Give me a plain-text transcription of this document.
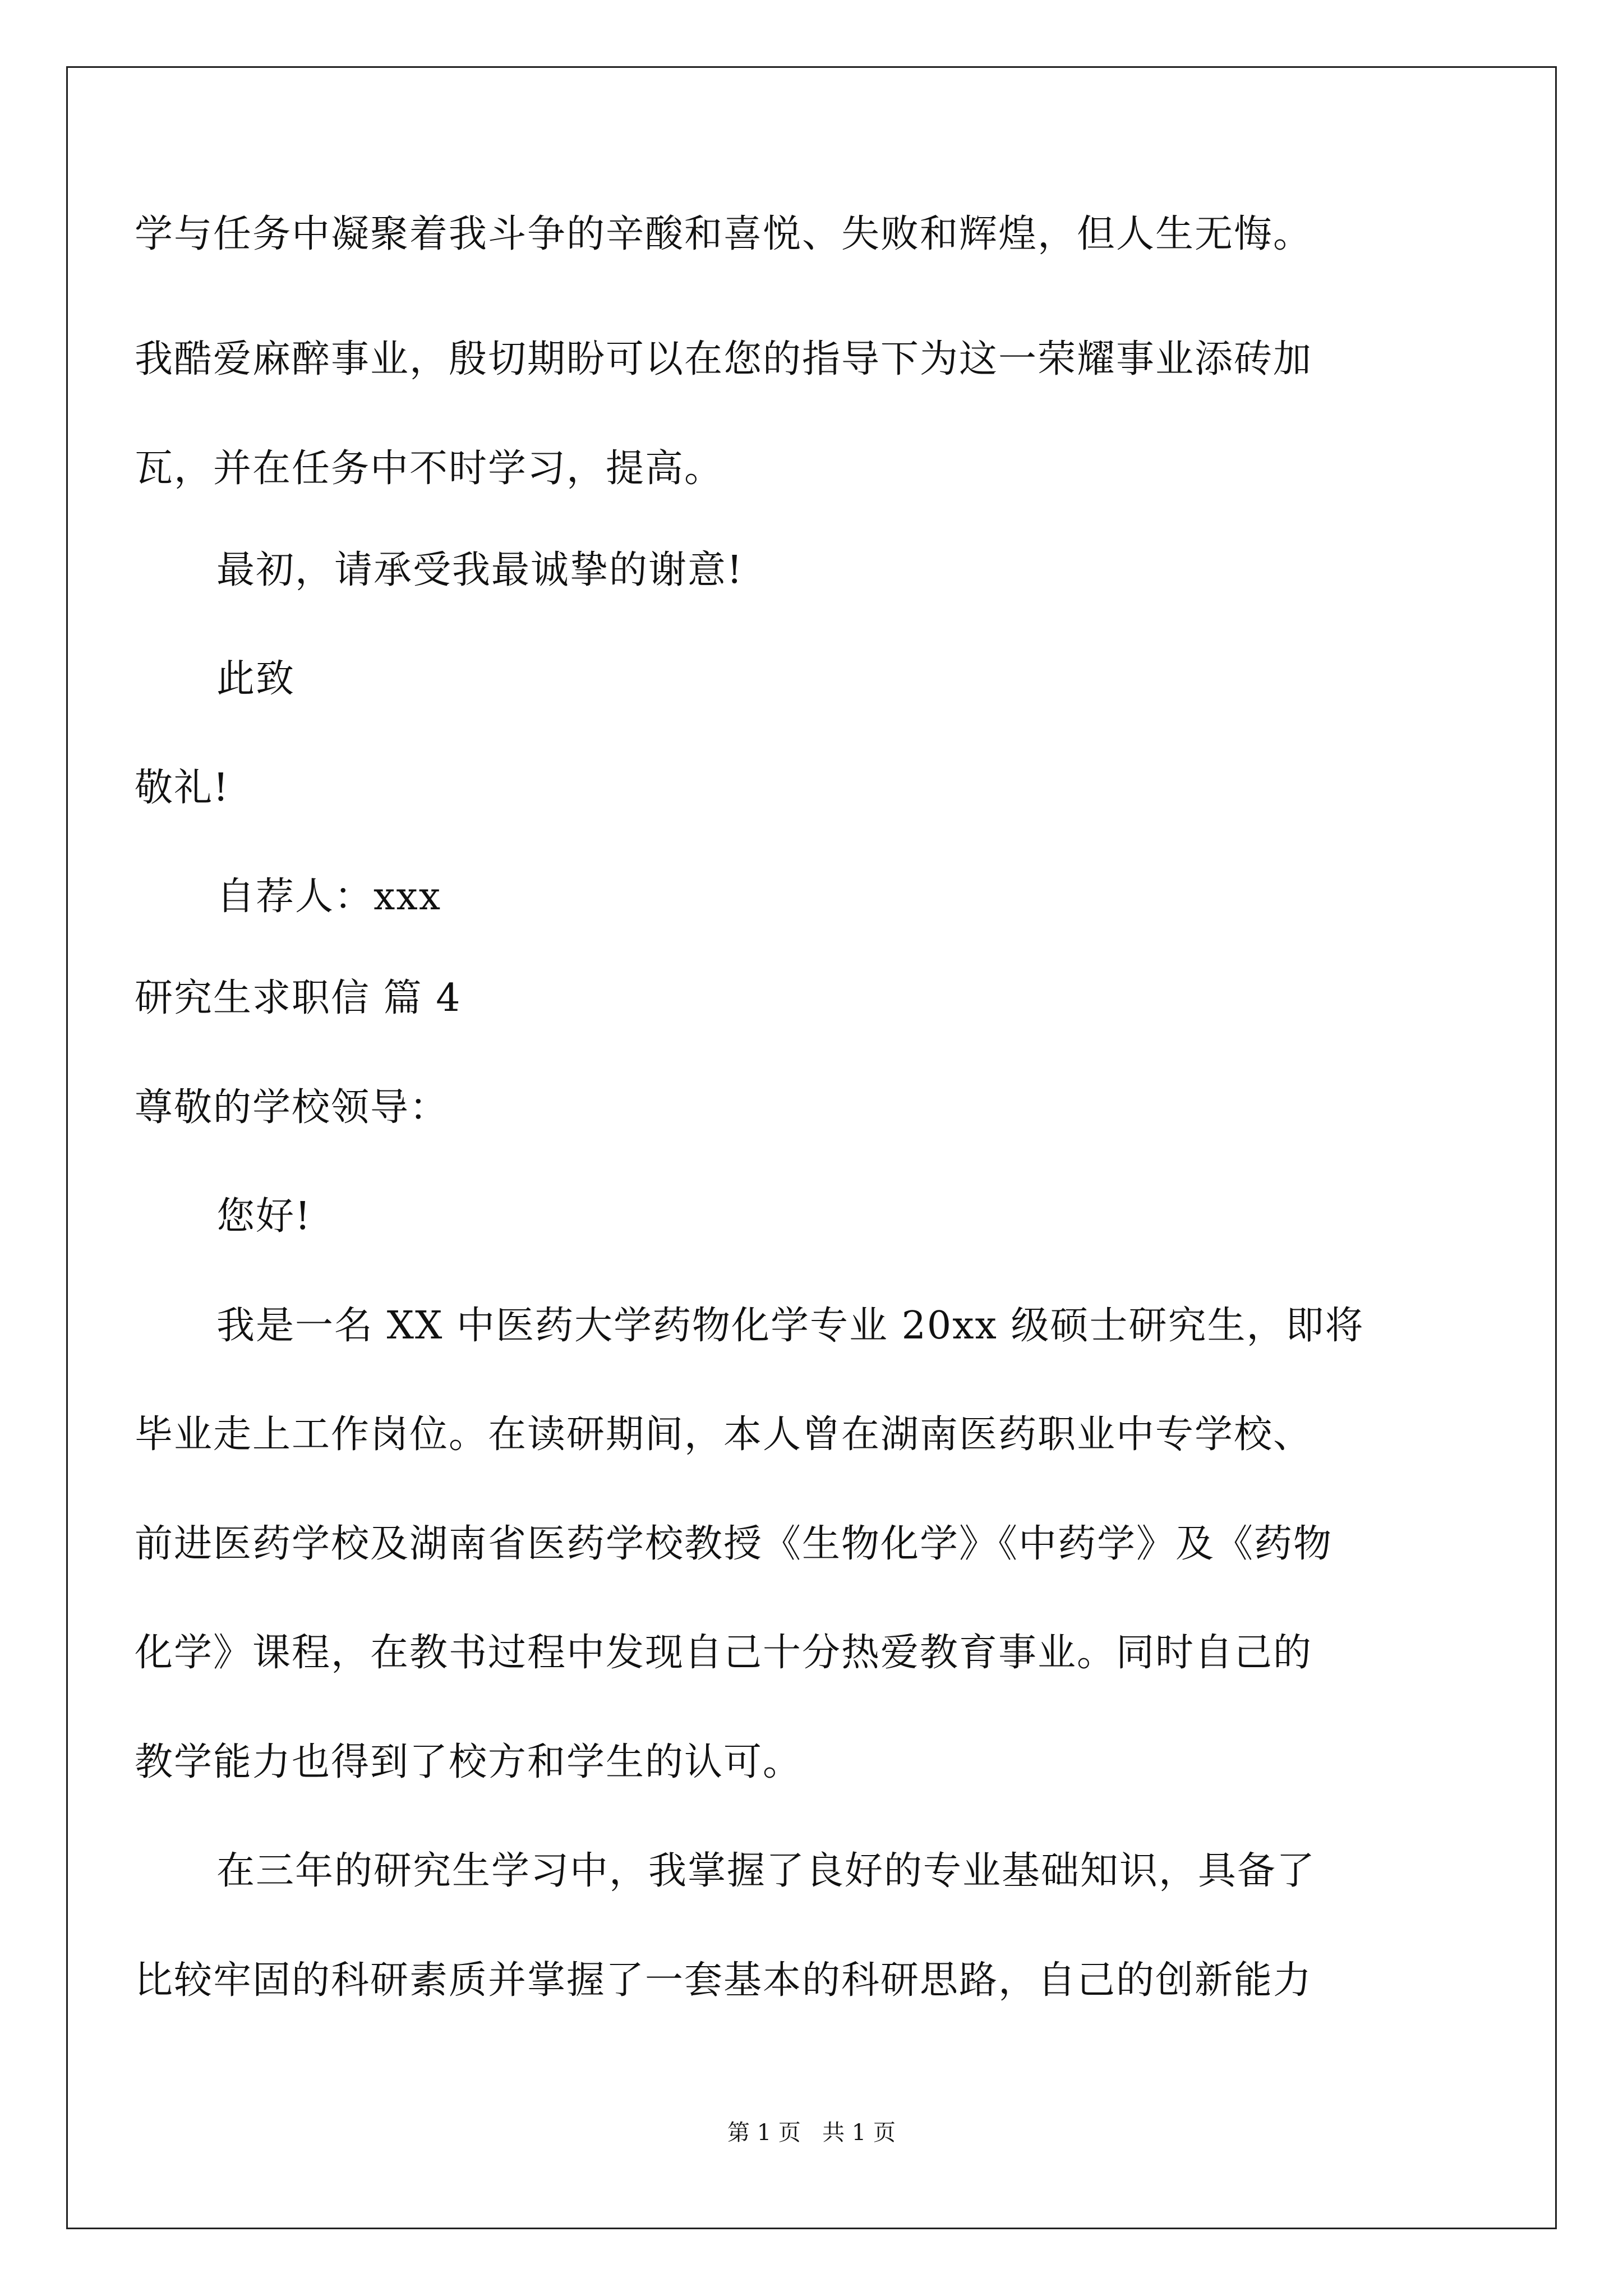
学与任务中凝聚着我斗争的辛酸和喜悦、失败和辉煌，但人生无悔。
我酷爱麻醉事业，殷切期盼可以在您的指导下为这一荣耀事业添砖加
瓦，并在任务中不时学习，提高。
最初，请承受我最诚挚的谢意!
此致
敬礼!
自荐人：xxx
研究生求职信 篇 4
尊敬的学校领导：
您好!
我是一名 XX 中医药大学药物化学专业 20xx 级硕士研究生，即将
毕业走上工作岗位。在读研期间，本人曾在湖南医药职业中专学校、
前进医药学校及湖南省医药学校教授《生物化学》《中药学》及《药物
化学》课程，在教书过程中发现自己十分热爱教育事业。同时自己的
教学能力也得到了校方和学生的认可。
在三年的研究生学习中，我掌握了良好的专业基础知识，具备了
比较牢固的科研素质并掌握了一套基本的科研思路，自己的创新能力
第 1 页   共 1 页
